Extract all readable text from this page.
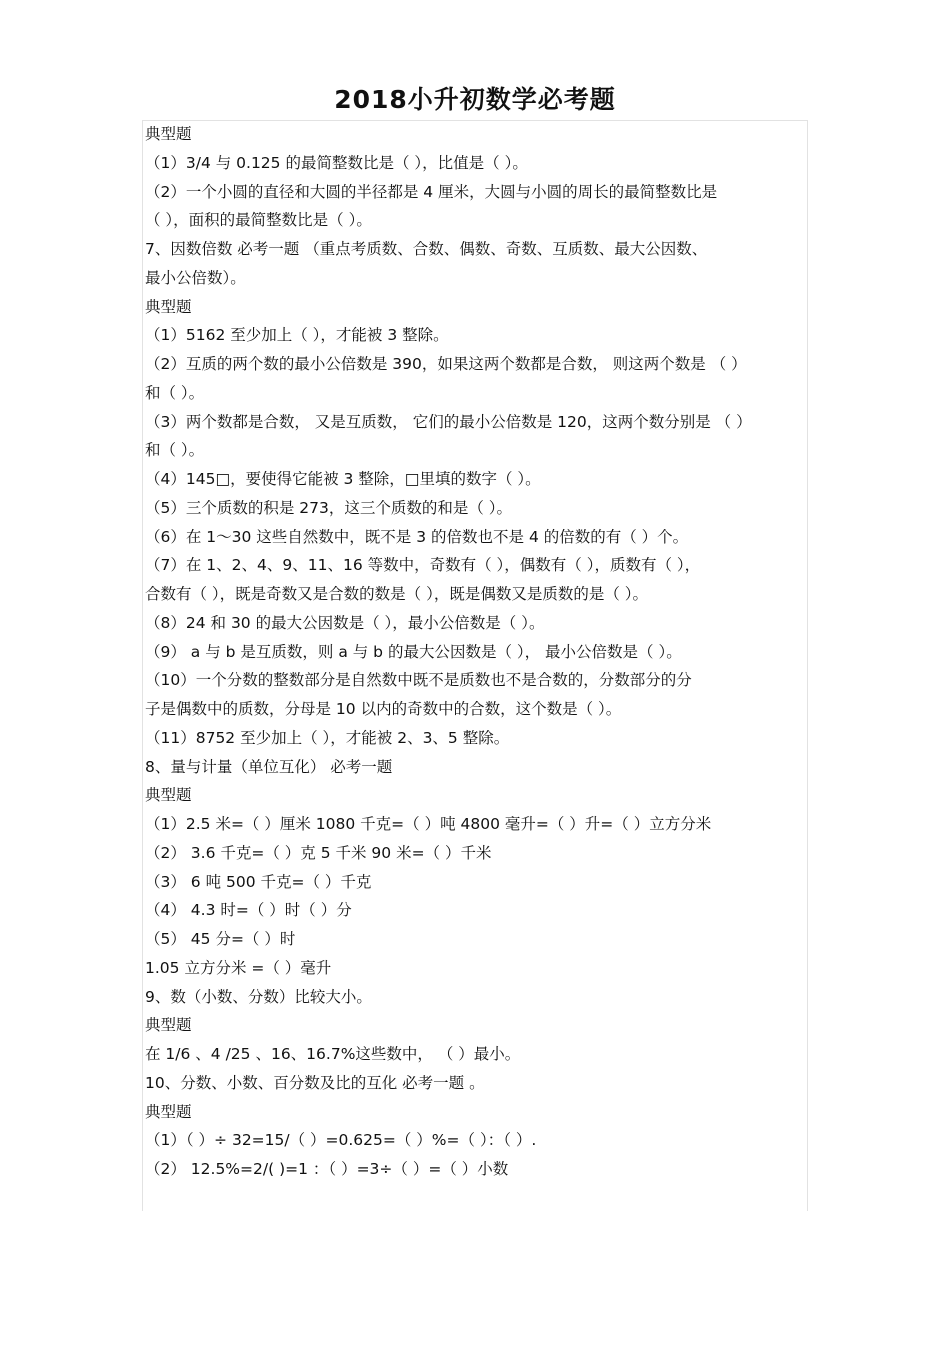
2018小升初数学必考题
典型题
（1）3/4 与 0.125 的最简整数比是（ ），比值是（ ）。
（2）一个小圆的直径和大圆的半径都是 4 厘米，大圆与小圆的周长的最简整数比是
（ ），面积的最简整数比是（ ）。
7、因数倍数 必考一题 （重点考质数、合数、偶数、奇数、互质数、最大公因数、
最小公倍数）。
典型题
（1）5162 至少加上（ ），才能被 3 整除。
（2）互质的两个数的最小公倍数是 390，如果这两个数都是合数， 则这两个数是 （ ）
和（ ）。
（3）两个数都是合数， 又是互质数， 它们的最小公倍数是 120，这两个数分别是 （ ）
和（ ）。
（4）145□，要使得它能被 3 整除，□里填的数字（ ）。
（5）三个质数的积是 273，这三个质数的和是（ ）。
（6）在 1～30 这些自然数中，既不是 3 的倍数也不是 4 的倍数的有（ ）个。
（7）在 1、2、4、9、11、16 等数中，奇数有（ ），偶数有（ ），质数有（ ），
合数有（ ），既是奇数又是合数的数是（ ），既是偶数又是质数的是（ ）。
（8）24 和 30 的最大公因数是（ ），最小公倍数是（ ）。
（9） a 与 b 是互质数，则 a 与 b 的最大公因数是（ ）， 最小公倍数是（ ）。
（10）一个分数的整数部分是自然数中既不是质数也不是合数的，分数部分的分
子是偶数中的质数，分母是 10 以内的奇数中的合数，这个数是（ ）。
（11）8752 至少加上（ ），才能被 2、3、5 整除。
8、量与计量（单位互化） 必考一题
典型题
（1）2.5 米=（ ）厘米 1080 千克=（ ）吨 4800 毫升=（ ）升=（ ）立方分米
（2） 3.6 千克=（ ）克 5 千米 90 米=（ ）千米
（3） 6 吨 500 千克=（ ）千克
（4） 4.3 时=（ ）时（ ）分
（5） 45 分=（ ）时
1.05 立方分米 =（ ）毫升
9、数（小数、分数）比较大小。
典型题
在 1/6 、4 /25 、16、16.7%这些数中， （ ）最小。
10、分数、小数、百分数及比的互化 必考一题 。
典型题
（1）（ ）÷ 32=15/（ ）=0.625=（ ）%=（ ）：（ ）.
（2） 12.5%=2/( )=1 ：（ ）=3÷（ ）=（ ）小数
